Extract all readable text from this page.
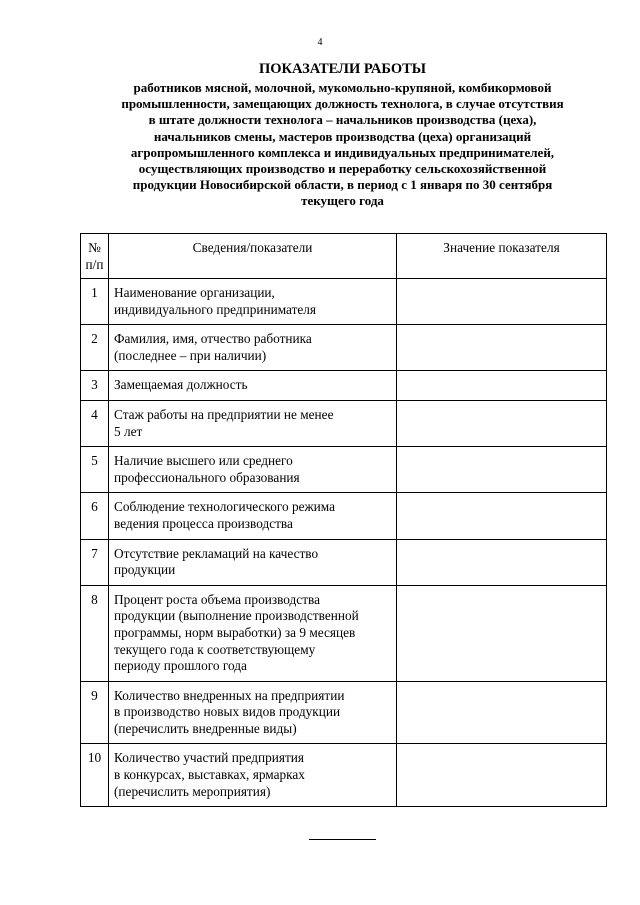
4
ПОКАЗАТЕЛИ РАБОТЫ
работников мясной, молочной, мукомольно-крупяной, комбикормовой
промышленности, замещающих должность технолога, в случае отсутствия
в штате должности технолога – начальников производства (цеха),
начальников смены, мастеров производства (цеха) организаций
агропромышленного комплекса и индивидуальных предпринимателей,
осуществляющих производство и переработку сельскохозяйственной
продукции Новосибирской области, в период с 1 января по 30 сентября
текущего года
№
п/п	Сведения/показатели	Значение показателя
1	Наименование организации,
индивидуального предпринимателя	

2	Фамилия, имя, отчество работника
(последнее – при наличии)	

3	Замещаемая должность	

4	Стаж работы на предприятии не менее
5 лет	

5	Наличие высшего или среднего
профессионального образования	

6	Соблюдение технологического режима
ведения процесса производства	

7	Отсутствие рекламаций на качество
продукции	

8	Процент роста объема производства
продукции (выполнение производственной
программы, норм выработки) за 9 месяцев
текущего года к соответствующему
периоду прошлого года	

9	Количество внедренных на предприятии
в производство новых видов продукции
(перечислить внедренные виды)	

10	Количество участий предприятия
в конкурсах, выставках, ярмарках
(перечислить мероприятия)	
